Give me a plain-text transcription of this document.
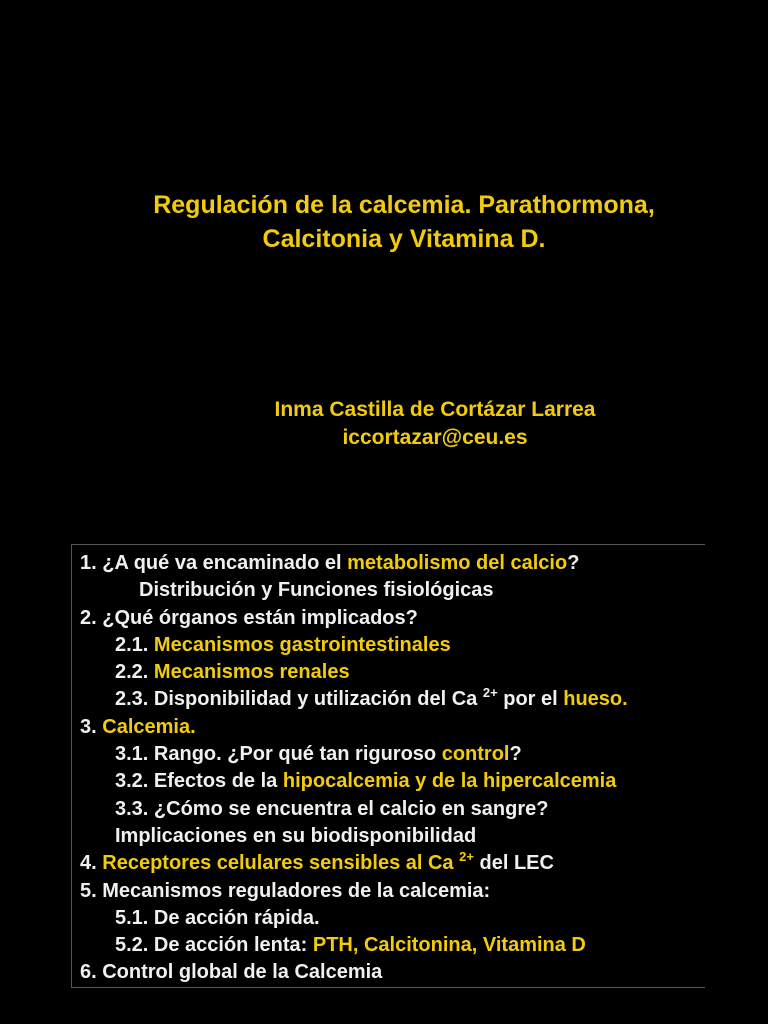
Regulación de la calcemia. Parathormona,
Calcitonia y Vitamina D.
Inma Castilla de Cortázar Larrea
iccortazar@ceu.es
1. ¿A qué va encaminado el metabolismo del calcio?
Distribución y Funciones fisiológicas
2. ¿Qué órganos están implicados?
2.1. Mecanismos gastrointestinales
2.2. Mecanismos renales
2.3. Disponibilidad y utilización del Ca $^{2+}$ por el hueso.
3. Calcemia.
3.1. Rango. ¿Por qué tan riguroso control?
3.2. Efectos de la hipocalcemia y de la hipercalcemia
3.3. ¿Cómo se encuentra el calcio en sangre?
Implicaciones en su biodisponibilidad
4. Receptores celulares sensibles al Ca $^{2+}$ del LEC
5. Mecanismos reguladores de la calcemia:
5.1. De acción rápida.
5.2. De acción lenta: PTH, Calcitonina, Vitamina D
6. Control global de la Calcemia
